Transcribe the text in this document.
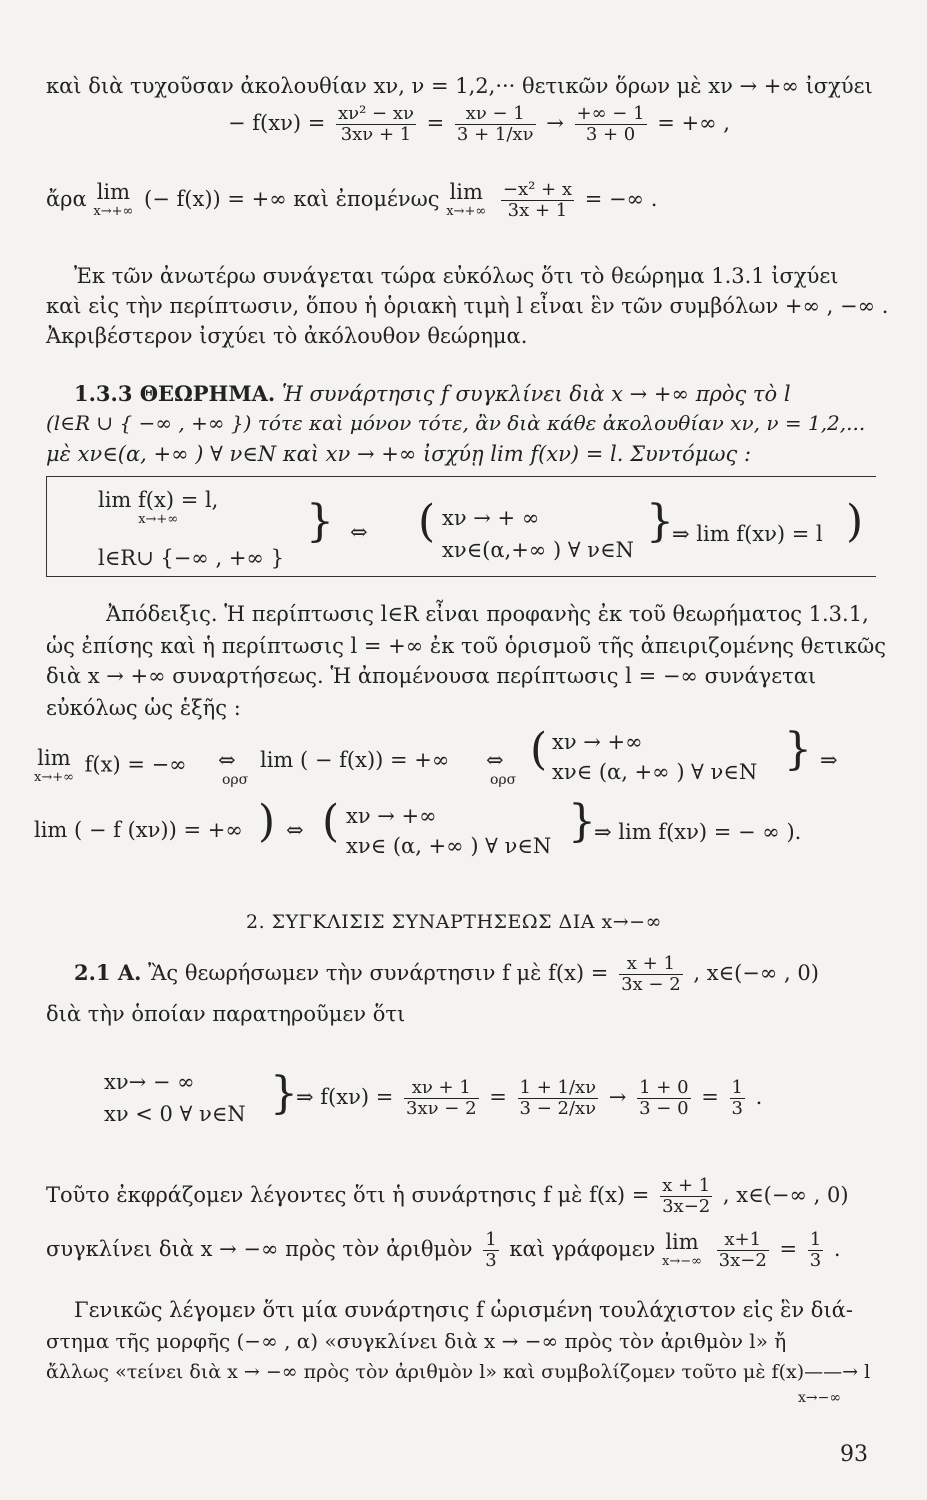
καὶ διὰ τυχοῦσαν ἀκολουθίαν xν, ν = 1,2,··· θετικῶν ὅρων μὲ xν → +∞ ἰσχύει
− $f(x\nu) = \frac{\text{xν² − xν}}{3x\nu + 1} = \frac{x\nu - 1}{3 + 1/x\nu} \to \frac{+\infty - 1}{3 + 0}$ = +∞ ,
ἄρα lim
x→+∞
(− f(x)) = +∞ καὶ ἐπομένως lim
x→+∞
$\frac{\text{−x² + x}}{3x + 1}$ = −∞ .
Ἐκ τῶν ἀνωτέρω συνάγεται τώρα εὐκόλως ὅτι τὸ θεώρημα 1.3.1 ἰσχύει
καὶ εἰς τὴν περίπτωσιν, ὅπου ἡ ὁριακὴ τιμὴ l εἶναι ἓν τῶν συμβόλων +∞ , −∞ .
Ἀκριβέστερον ἰσχύει τὸ ἀκόλουθον θεώρημα.
1.3.3 ΘΕΩΡΗΜΑ. Ἡ συνάρτησις f συγκλίνει διὰ x → +∞ πρὸς τὸ l
(l∈R ∪ { −∞ , +∞ }) τότε καὶ μόνον τότε, ἂν διὰ κάθε ἀκολουθίαν xν, ν = 1,2,...
μὲ xν∈(α, +∞ ) ∀ ν∈N καὶ xν → +∞ ἰσχύῃ lim f(xν) = l. Συντόμως :
lim f(x) = l,
x→+∞
l∈R∪ {−∞ , +∞ }
} ⇔ ( xν → + ∞
xν∈(α,+∞ ) ∀ ν∈N
}
⇒ lim f(xν) = l )
Ἀπόδειξις. Ἡ περίπτωσις l∈R εἶναι προφανὴς ἐκ τοῦ θεωρήματος 1.3.1,
ὡς ἐπίσης καὶ ἡ περίπτωσις l = +∞ ἐκ τοῦ ὁρισμοῦ τῆς ἀπειριζομένης θετικῶς
διὰ x → +∞ συναρτήσεως. Ἡ ἀπομένουσα περίπτωσις l = −∞ συνάγεται
εὐκόλως ὡς ἑξῆς :
lim
x→+∞
f(x) = −∞ ⇔
ορσ
lim ( − f(x)) = +∞ ⇔
ορσ
( xν → +∞
xν∈ (α, +∞ ) ∀ ν∈N } ⇒
lim ( − f (xν)) = +∞ ) ⇔ ( xν → +∞
xν∈ (α, +∞ ) ∀ ν∈N }
⇒ lim f(xν) = − ∞ ).
2. ΣΥΓΚΛΙΣΙΣ ΣΥΝΑΡΤΗΣΕΩΣ ΔΙΑ x→−∞
2.1 Α. Ἂς θεωρήσωμεν τὴν συνάρτησιν f μὲ $f(x) = \frac{x + 1}{3x - 2}$ , x∈(−∞ , 0)
διὰ τὴν ὁποίαν παρατηροῦμεν ὅτι
xν→ − ∞
xν < 0 ∀ ν∈N }
⇒ $f(x\nu) = \frac{x\nu + 1}{3x\nu - 2} = \frac{1 + 1/x\nu}{3 - 2/x\nu} \to \frac{1 + 0}{3 - 0} = \frac{1}{3}$ .
Τοῦτο ἐκφράζομεν λέγοντες ὅτι ἡ συνάρτησις f μὲ $f(x) = \frac{x + 1}{3x-2}$ , x∈(−∞ , 0)
συγκλίνει διὰ x → −∞ πρὸς τὸν ἀριθμὸν $\frac{1}{3}$ καὶ γράφομεν lim
x→−∞
$\frac{x+1}{3x-2} = \frac{1}{3}$ .
Γενικῶς λέγομεν ὅτι μία συνάρτησις f ὡρισμένη τουλάχιστον εἰς ἓν διά-
στημα τῆς μορφῆς (−∞ , α) «συγκλίνει διὰ x → −∞ πρὸς τὸν ἀριθμὸν l» ἤ
ἄλλως «τείνει διὰ x → −∞ πρὸς τὸν ἀριθμὸν l» καὶ συμβολίζομεν τοῦτο μὲ f(x)——→ l
x→−∞
93
